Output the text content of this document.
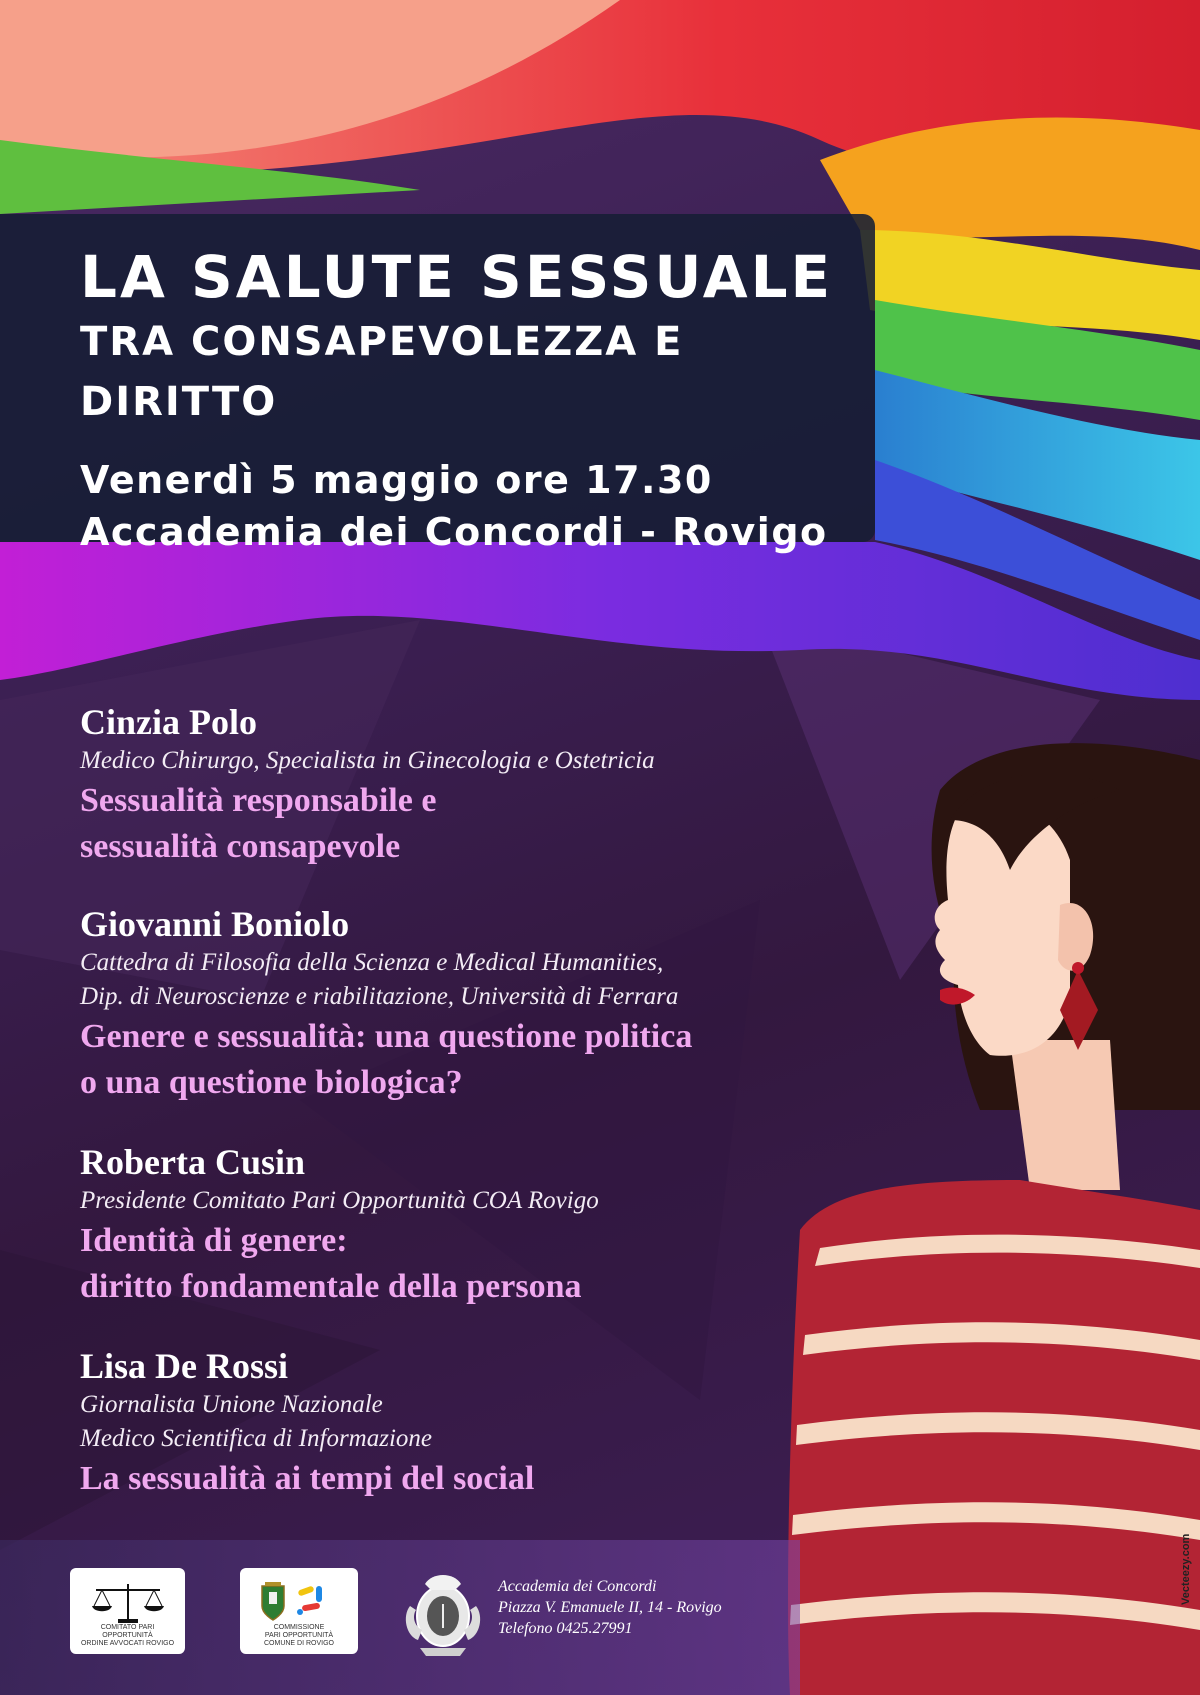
LA SALUTE SESSUALE
TRA CONSAPEVOLEZZA E DIRITTO
Venerdì 5 maggio ore 17.30
Accademia dei Concordi - Rovigo
Cinzia Polo
Medico Chirurgo, Specialista in Ginecologia e Ostetricia
Sessualità responsabile e
sessualità consapevole
Giovanni Boniolo
Cattedra di Filosofia della Scienza e Medical Humanities,
Dip. di Neuroscienze e riabilitazione, Università di Ferrara
Genere e sessualità: una questione politica
o una questione biologica?
Roberta Cusin
Presidente Comitato Pari Opportunità COA Rovigo
Identità di genere:
diritto fondamentale della persona
Lisa De Rossi
Giornalista Unione Nazionale
Medico Scientifica di Informazione
La sessualità ai tempi del social
COMITATO PARI
OPPORTUNITÀ
ORDINE AVVOCATI ROVIGO
COMMISSIONE
PARI OPPORTUNITÀ
COMUNE DI ROVIGO
Accademia dei Concordi
Piazza V. Emanuele II, 14 - Rovigo
Telefono 0425.27991
Vecteezy.com
